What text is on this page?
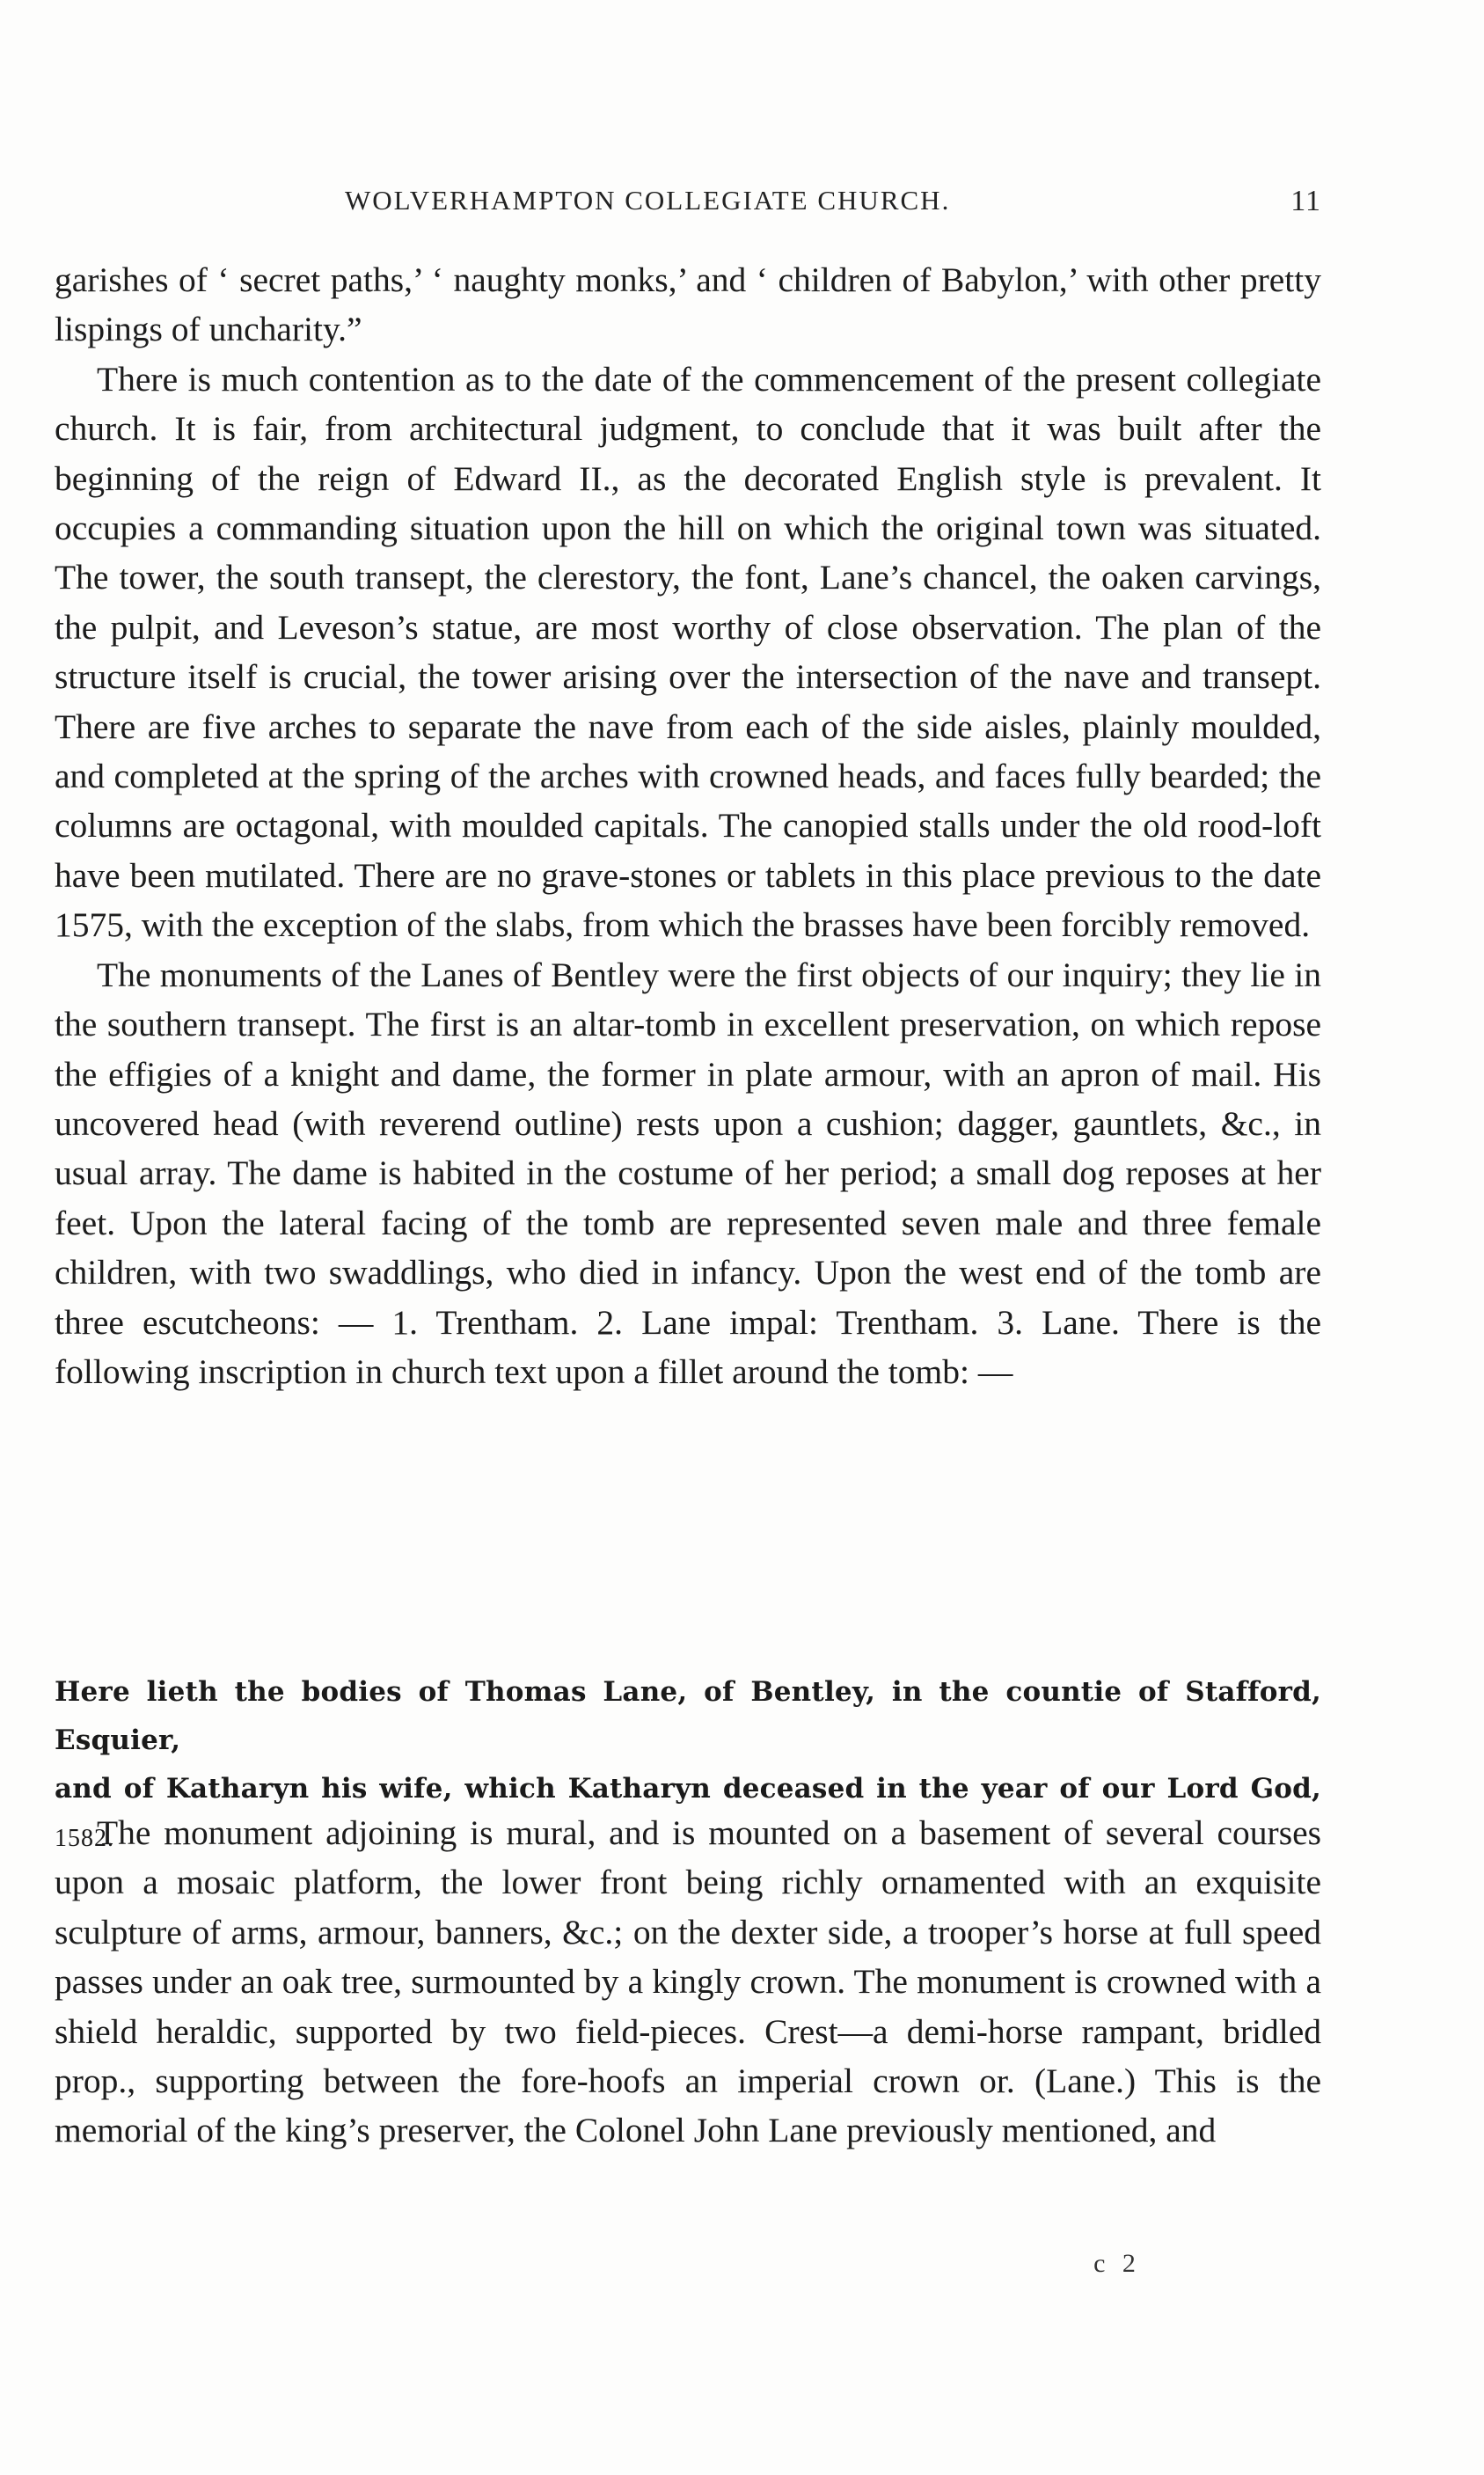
WOLVERHAMPTON COLLEGIATE CHURCH.	11

garishes of ‘ secret paths,’ ‘ naughty monks,’ and ‘ children of Babylon,’ with other pretty lispings of uncharity.”

There is much contention as to the date of the commencement of the present collegiate church. It is fair, from architectural judgment, to conclude that it was built after the beginning of the reign of Edward II., as the decorated English style is prevalent. It occupies a commanding situation upon the hill on which the original town was situated. The tower, the south transept, the clerestory, the font, Lane’s chancel, the oaken carvings, the pulpit, and Leveson’s statue, are most worthy of close observation. The plan of the structure itself is crucial, the tower arising over the intersection of the nave and transept. There are five arches to separate the nave from each of the side aisles, plainly moulded, and completed at the spring of the arches with crowned heads, and faces fully bearded; the columns are octagonal, with moulded capitals. The canopied stalls under the old rood-loft have been mutilated. There are no grave-stones or tablets in this place previous to the date 1575, with the exception of the slabs, from which the brasses have been forcibly removed.

The monuments of the Lanes of Bentley were the first objects of our inquiry; they lie in the southern transept. The first is an altar-tomb in excellent preservation, on which repose the effigies of a knight and dame, the former in plate armour, with an apron of mail. His uncovered head (with reverend outline) rests upon a cushion; dagger, gauntlets, &c., in usual array. The dame is habited in the costume of her period; a small dog reposes at her feet. Upon the lateral facing of the tomb are represented seven male and three female children, with two swaddlings, who died in infancy. Upon the west end of the tomb are three escutcheons: — 1. Trentham. 2. Lane impal: Trentham. 3. Lane. There is the following inscription in church text upon a fillet around the tomb: —

Here lieth the bodies of Thomas Lane, of Bentley, in the countie of Stafford, Esquier,
and of Katharyn his wife, which Katharyn deceased in the year of our Lord God, 1582.

The monument adjoining is mural, and is mounted on a basement of several courses upon a mosaic platform, the lower front being richly ornamented with an exquisite sculpture of arms, armour, banners, &c.; on the dexter side, a trooper’s horse at full speed passes under an oak tree, surmounted by a kingly crown. The monument is crowned with a shield heraldic, supported by two field-pieces. Crest—a demi-horse rampant, bridled prop., supporting between the fore-hoofs an imperial crown or. (Lane.) This is the memorial of the king’s preserver, the Colonel John Lane previously mentioned, and

c 2
